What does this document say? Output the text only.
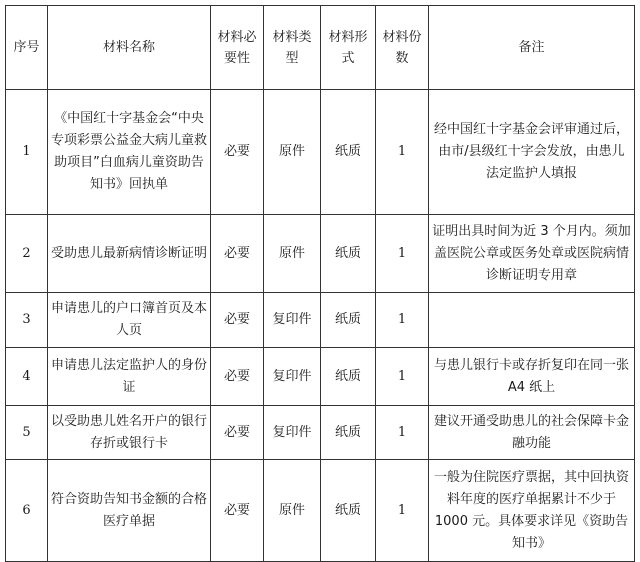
序号	材料名称	材料必要性	材料类型	材料形式	材料份数	备注
1	《中国红十字基金会“中央专项彩票公益金大病儿童救助项目”白血病儿童资助告知书》回执单	必要	原件	纸质	1	经中国红十字基金会评审通过后，由市/县级红十字会发放，由患儿法定监护人填报
2	受助患儿最新病情诊断证明	必要	原件	纸质	1	证明出具时间为近 3 个月内。须加盖医院公章或医务处章或医院病情诊断证明专用章
3	申请患儿的户口簿首页及本人页	必要	复印件	纸质	1	
4	申请患儿法定监护人的身份证	必要	复印件	纸质	1	与患儿银行卡或存折复印在同一张 A4 纸上
5	以受助患儿姓名开户的银行存折或银行卡	必要	复印件	纸质	1	建议开通受助患儿的社会保障卡金融功能
6	符合资助告知书金额的合格医疗单据	必要	原件	纸质	1	一般为住院医疗票据，其中回执资料年度的医疗单据累计不少于 1000 元。具体要求详见《资助告知书》
